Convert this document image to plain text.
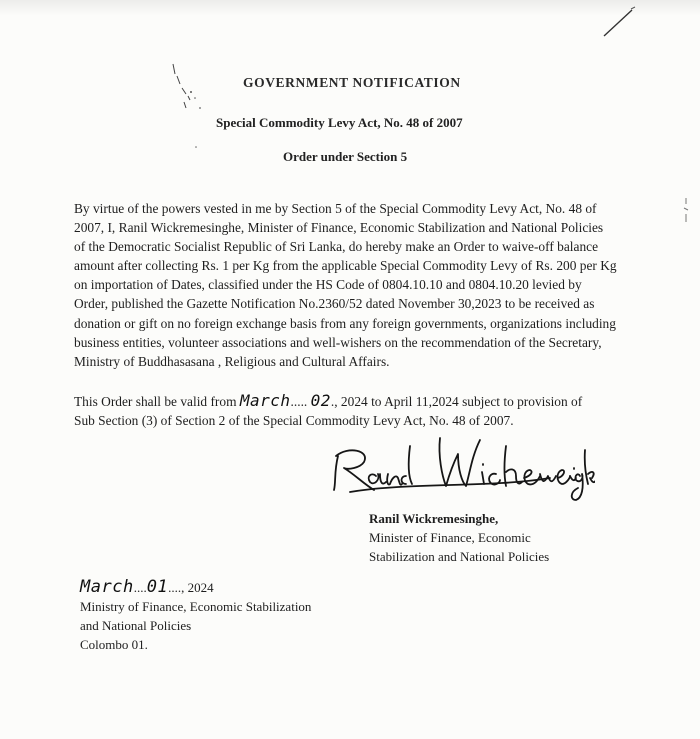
GOVERNMENT NOTIFICATION
Special Commodity Levy Act, No. 48 of 2007
Order under Section 5

By virtue of the powers vested in me by Section 5 of the Special Commodity Levy Act, No. 48 of
2007, I, Ranil Wickremesinghe, Minister of Finance, Economic Stabilization and National Policies
of the Democratic Socialist Republic of Sri Lanka, do hereby make an Order to waive-off balance
amount after collecting Rs. 1 per Kg from the applicable Special Commodity Levy of Rs. 200 per Kg
on importation of Dates, classified under the HS Code of 0804.10.10 and 0804.10.20 levied by
Order, published the Gazette Notification No.2360/52 dated November 30,2023 to be received as
donation or gift on no foreign exchange basis from any foreign governments, organizations including
business entities, volunteer associations and well-wishers on the recommendation of the Secretary,
Ministry of Buddhasasana , Religious and Cultural Affairs.

This Order shall be valid from March..... 02., 2024 to April 11,2024 subject to provision of
Sub Section (3) of Section 2 of the Special Commodity Levy Act, No. 48 of 2007.

Ranil Wickremesinghe,
Minister of Finance, Economic
Stabilization and National Policies
March....01...., 2024
Ministry of Finance, Economic Stabilization
and National Policies
Colombo 01.
